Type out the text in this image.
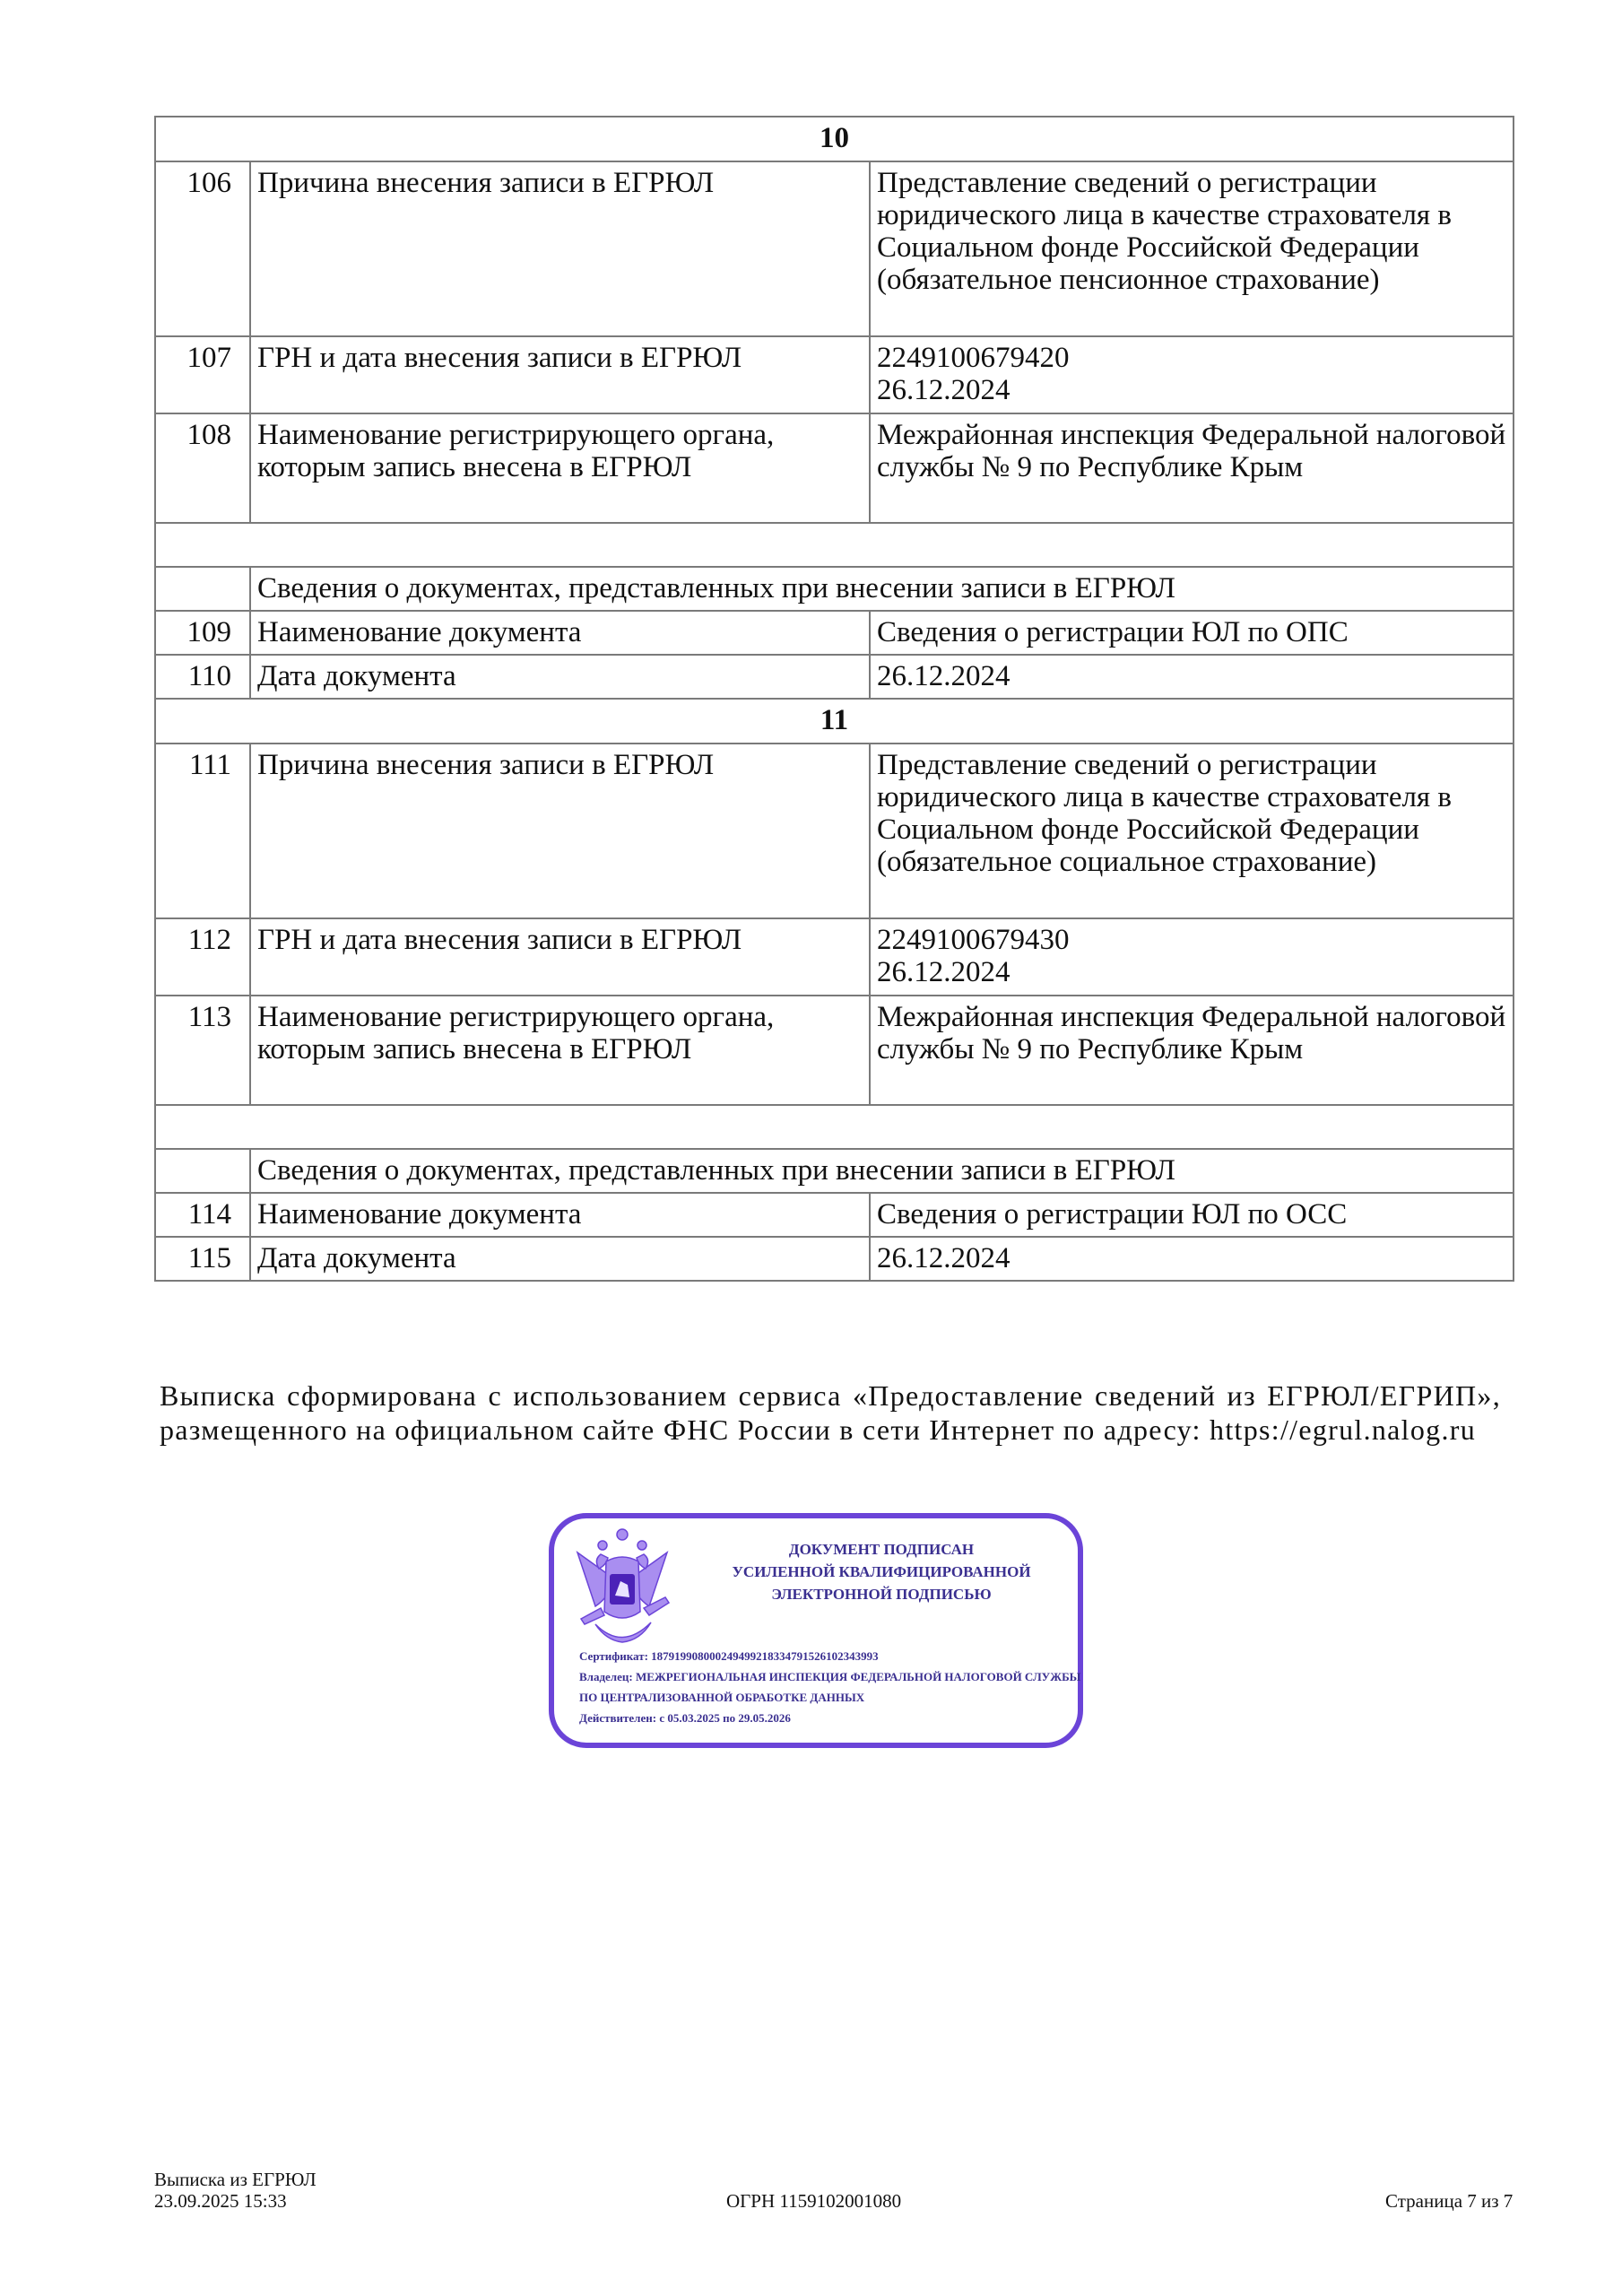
10		
106	Причина внесения записи в ЕГРЮЛ	Представление сведений о регистрации юридического лица в качестве страхователя в Социальном фонде Российской Федерации (обязательное пенсионное страхование)
107	ГРН и дата внесения записи в ЕГРЮЛ	2249100679420
26.12.2024

108	Наименование регистрирующего органа, которым запись внесена в ЕГРЮЛ	Межрайонная инспекция Федеральной налоговой службы № 9 по Республике Крым

	Сведения о документах, представленных при внесении записи в ЕГРЮЛ	
109	Наименование документа	Сведения о регистрации ЮЛ по ОПС
110	Дата документа	26.12.2024
11		
111	Причина внесения записи в ЕГРЮЛ	Представление сведений о регистрации юридического лица в качестве страхователя в Социальном фонде Российской Федерации (обязательное социальное страхование)
112	ГРН и дата внесения записи в ЕГРЮЛ	2249100679430
26.12.2024

113	Наименование регистрирующего органа, которым запись внесена в ЕГРЮЛ	Межрайонная инспекция Федеральной налоговой службы № 9 по Республике Крым

	Сведения о документах, представленных при внесении записи в ЕГРЮЛ	
114	Наименование документа	Сведения о регистрации ЮЛ по ОСС
115	Дата документа	26.12.2024

Выписка сформирована с использованием сервиса «Предоставление сведений из ЕГРЮЛ/ЕГРИП», размещенного на официальном сайте ФНС России в сети Интернет по адресу: https://egrul.nalog.ru

ДОКУМЕНТ ПОДПИСАН
УСИЛЕННОЙ КВАЛИФИЦИРОВАННОЙ
ЭЛЕКТРОННОЙ ПОДПИСЬЮ
Сертификат: 187919908000249499218334791526102343993
Владелец: МЕЖРЕГИОНАЛЬНАЯ ИНСПЕКЦИЯ ФЕДЕРАЛЬНОЙ НАЛОГОВОЙ СЛУЖБЫ ПО ЦЕНТРАЛИЗОВАННОЙ ОБРАБОТКЕ ДАННЫХ
Действителен: с 05.03.2025 по 29.05.2026
Выписка из ЕГРЮЛ
23.09.2025 15:33	ОГРН 1159102001080	Страница 7 из 7
